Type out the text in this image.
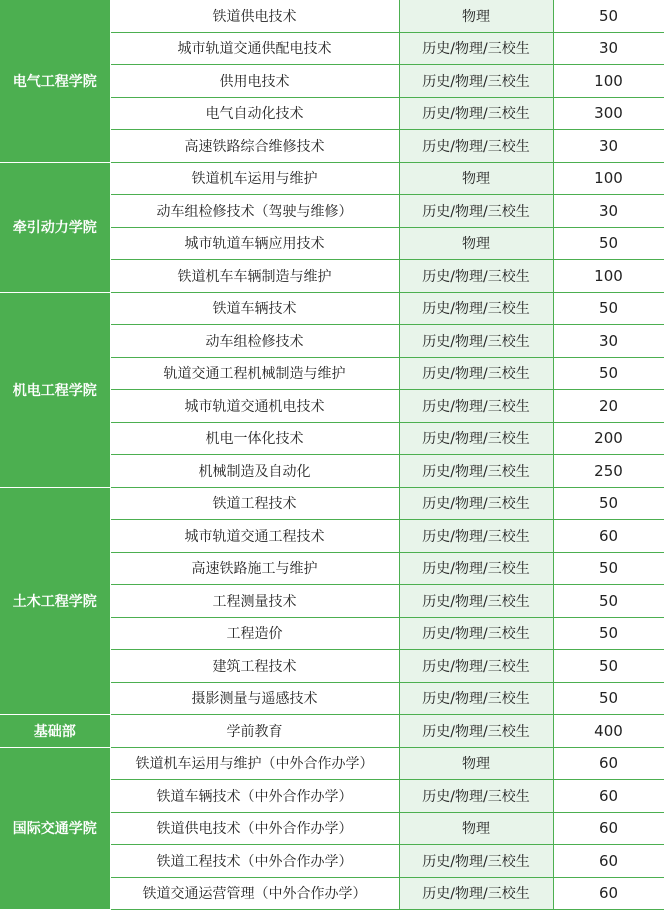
电气工程学院	铁道供电技术	物理	50
	城市轨道交通供配电技术	历史/物理/三校生	30
	供用电技术	历史/物理/三校生	100
	电气自动化技术	历史/物理/三校生	300
	高速铁路综合维修技术	历史/物理/三校生	30
牵引动力学院	铁道机车运用与维护	物理	100
	动车组检修技术（驾驶与维修）	历史/物理/三校生	30
	城市轨道车辆应用技术	物理	50
	铁道机车车辆制造与维护	历史/物理/三校生	100
机电工程学院	铁道车辆技术	历史/物理/三校生	50
	动车组检修技术	历史/物理/三校生	30
	轨道交通工程机械制造与维护	历史/物理/三校生	50
	城市轨道交通机电技术	历史/物理/三校生	20
	机电一体化技术	历史/物理/三校生	200
	机械制造及自动化	历史/物理/三校生	250
土木工程学院	铁道工程技术	历史/物理/三校生	50
	城市轨道交通工程技术	历史/物理/三校生	60
	高速铁路施工与维护	历史/物理/三校生	50
	工程测量技术	历史/物理/三校生	50
	工程造价	历史/物理/三校生	50
	建筑工程技术	历史/物理/三校生	50
	摄影测量与遥感技术	历史/物理/三校生	50
基础部	学前教育	历史/物理/三校生	400
国际交通学院	铁道机车运用与维护（中外合作办学）	物理	60
	铁道车辆技术（中外合作办学）	历史/物理/三校生	60
	铁道供电技术（中外合作办学）	物理	60
	铁道工程技术（中外合作办学）	历史/物理/三校生	60
	铁道交通运营管理（中外合作办学）	历史/物理/三校生	60
